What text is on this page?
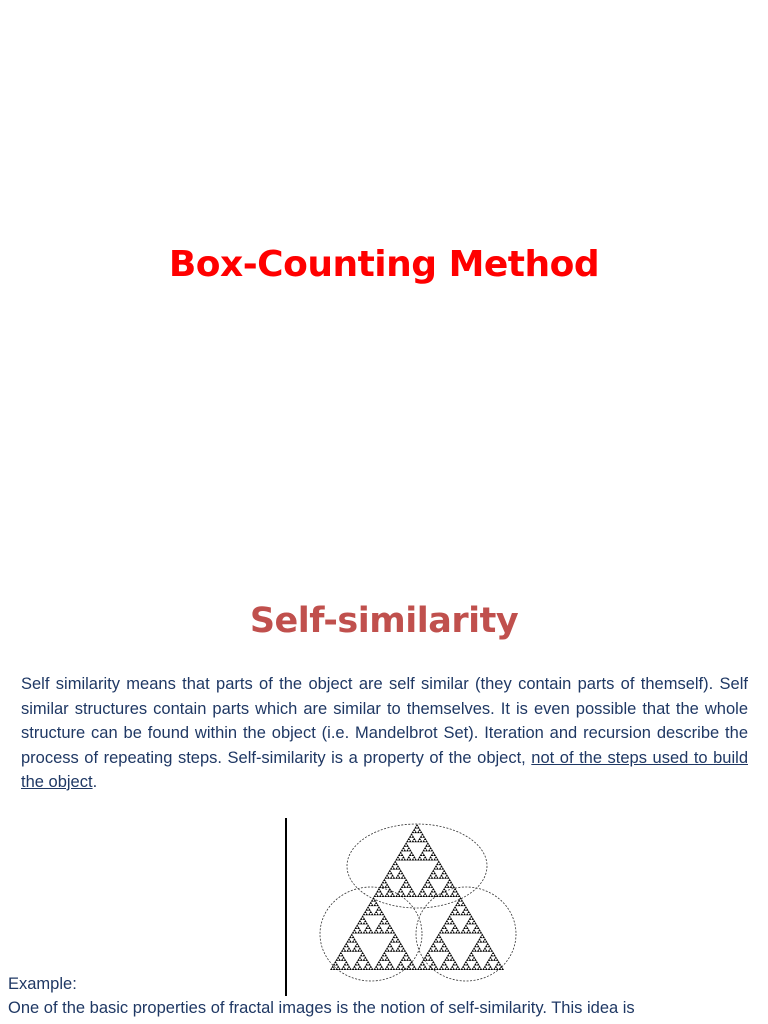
Box-Counting Method
Self-similarity

Self similarity means that parts of the object are self similar (they contain parts of themself). Self similar structures contain parts which are similar to themselves. It is even possible that the whole structure can be found within the object (i.e. Mandelbrot Set). Iteration and recursion describe the process of repeating steps. Self-similarity is a property of the object, not of the steps used to build the object.

Example:

One of the basic properties of fractal images is the notion of self-similarity. This idea is
